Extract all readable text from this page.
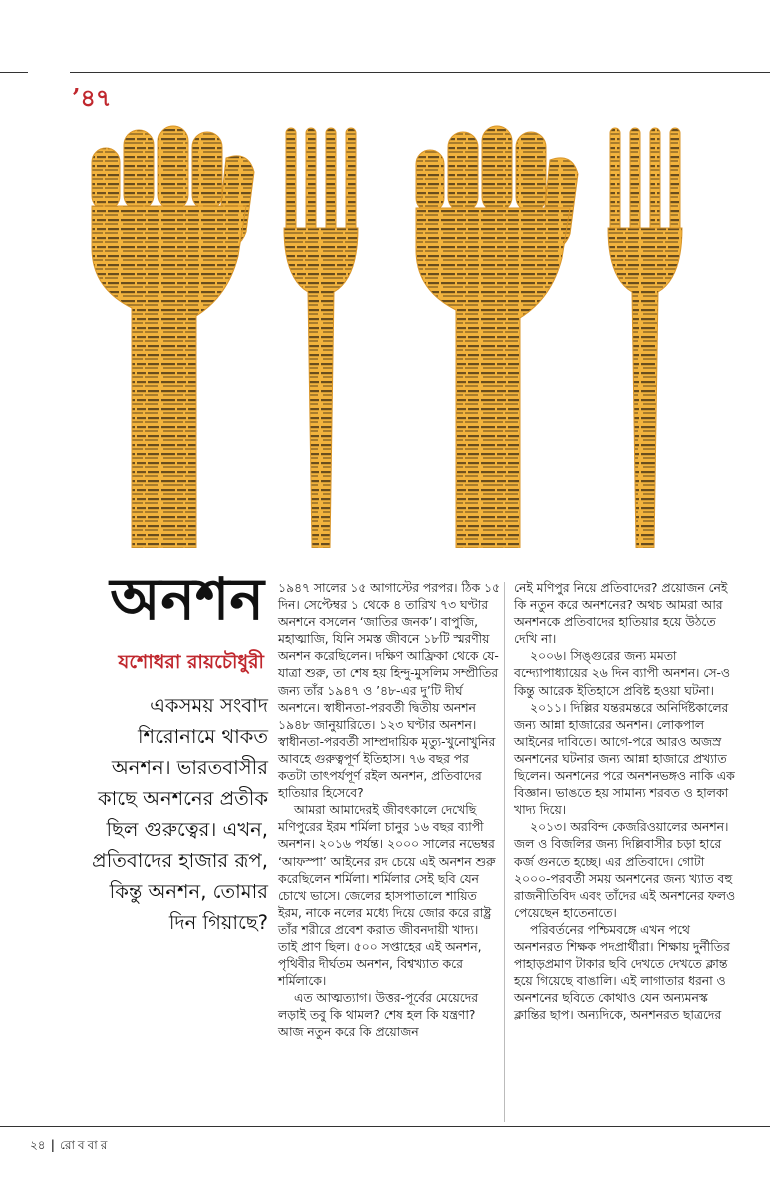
’৪৭
অনশন
যশোধরা রায়চৌধুরী
একসময় সংবাদ শিরোনামে থাকত অনশন। ভারতবাসীর কাছে অনশনের প্রতীক ছিল গুরুত্বের। এখন, প্রতিবাদের হাজার রূপ, কিন্তু অনশন, তোমার দিন গিয়াছে?

১৯৪৭ সালের ১৫ আগাস্টের পরপর। ঠিক ১৫ দিন। সেপ্টেম্বর ১ থেকে ৪ তারিখ ৭৩ ঘণ্টার অনশনে বসলেন ‘জাতির জনক’। বাপুজি, মহাত্মাজি, যিনি সমস্ত জীবনে ১৮টি স্মরণীয় অনশন করেছিলেন। দক্ষিণ আফ্রিকা থেকে যে-যাত্রা শুরু, তা শেষ হয় হিন্দু-মুসলিম সম্প্রীতির জন্য তাঁর ১৯৪৭ ও ’৪৮-এর দু’টি দীর্ঘ অনশনে। স্বাধীনতা-পরবর্তী দ্বিতীয় অনশন ১৯৪৮ জানুয়ারিতে। ১২৩ ঘণ্টার অনশন। স্বাধীনতা-পরবর্তী সাম্প্রদায়িক মৃত্যু-খুনোখুনির আবহে গুরুত্বপূর্ণ ইতিহাস। ৭৬ বছর পর কতটা তাৎপর্যপূর্ণ রইল অনশন, প্রতিবাদের হাতিয়ার হিসেবে?

আমরা আমাদেরই জীবৎকালে দেখেছি মণিপুরের ইরম শর্মিলা চানুর ১৬ বছর ব্যাপী অনশন। ২০১৬ পর্যন্ত। ২০০০ সালের নভেম্বর ‘আফস্পা’ আইনের রদ চেয়ে এই অনশন শুরু করেছিলেন শর্মিলা। শর্মিলার সেই ছবি যেন চোখে ভাসে। জেলের হাসপাতালে শায়িত ইরম, নাকে নলের মধ্যে দিয়ে জোর করে রাষ্ট্র তাঁর শরীরে প্রবেশ করাত জীবনদায়ী খাদ্য। তাই প্রাণ ছিল। ৫০০ সপ্তাহের এই অনশন, পৃথিবীর দীর্ঘতম অনশন, বিশ্বখ্যাত করে শর্মিলাকে।

এত আত্মত্যাগ। উত্তর-পূর্বের মেয়েদের লড়াই তবু কি থামল? শেষ হল কি যন্ত্রণা? আজ নতুন করে কি প্রয়োজন

নেই মণিপুর নিয়ে প্রতিবাদের? প্রয়োজন নেই কি নতুন করে অনশনের? অথচ আমরা আর অনশনকে প্রতিবাদের হাতিয়ার হয়ে উঠতে দেখি না।

২০০৬। সিঙ্গুরের জন্য মমতা বন্দ্যোপাধ্যায়ের ২৬ দিন ব্যাপী অনশন। সে-ও কিন্তু আরেক ইতিহাসে প্রবিষ্ট হওয়া ঘটনা।

২০১১। দিল্লির যন্তরমন্তরে অনির্দিষ্টকালের জন্য আন্না হাজারের অনশন। লোকপাল আইনের দাবিতে। আগে-পরে আরও অজস্র অনশনের ঘটনার জন্য আন্না হাজারে প্রখ্যাত ছিলেন। অনশনের পরে অনশনভঙ্গও নাকি এক বিজ্ঞান। ভাঙতে হয় সামান্য শরবত ও হালকা খাদ্য দিয়ে।

২০১৩। অরবিন্দ কেজরিওয়ালের অনশন। জল ও বিজলির জন্য দিল্লিবাসীর চড়া হারে কর্জ গুনতে হচ্ছে। এর প্রতিবাদে। গোটা ২০০০-পরবর্তী সময় অনশনের জন্য খ্যাত বহু রাজনীতিবিদ এবং তাঁদের এই অনশনের ফলও পেয়েছেন হাতেনাতে।

পরিবর্তনের পশ্চিমবঙ্গে এখন পথে অনশনরত শিক্ষক পদপ্রার্থীরা। শিক্ষায় দুর্নীতির পাহাড়প্রমাণ টাকার ছবি দেখতে দেখতে ক্লান্ত হয়ে গিয়েছে বাঙালি। এই লাগাতার ধরনা ও অনশনের ছবিতে কোথাও যেন অন্যমনস্ক ক্লান্তির ছাপ। অন্যদিকে, অনশনরত ছাত্রদের

২৪ | রোববার
